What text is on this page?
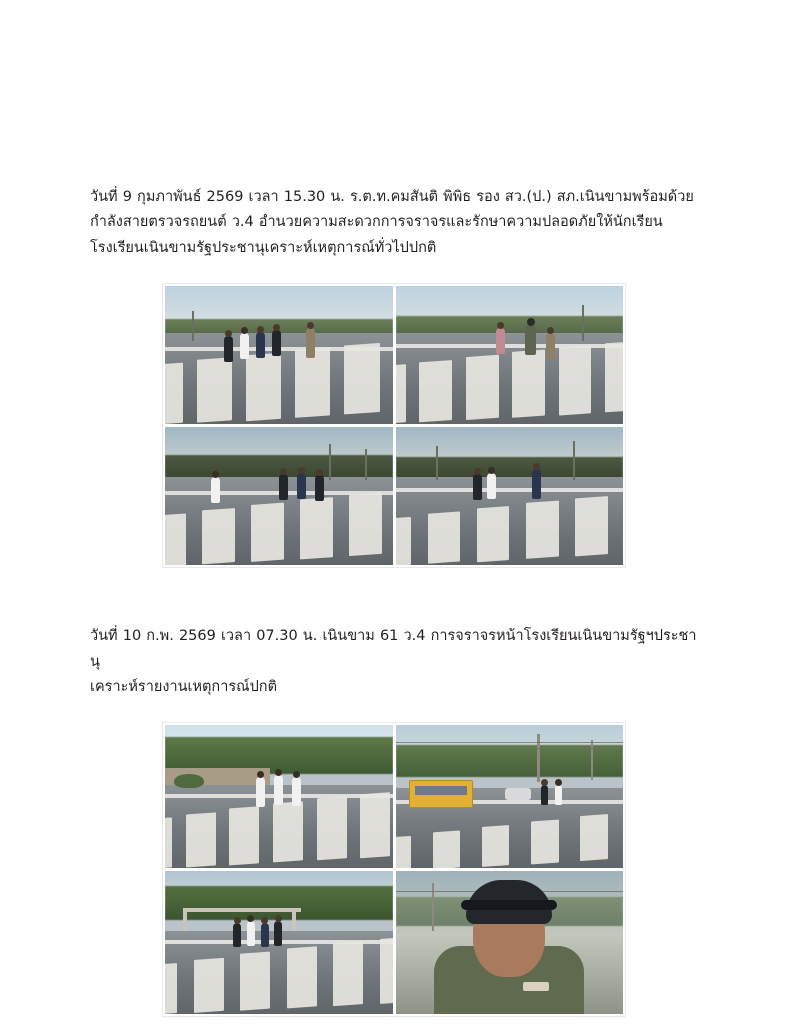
วันที่ 9 กุมภาพันธ์ 2569 เวลา 15.30 น. ร.ต.ท.คมสันติ พิพิธ รอง สว.(ป.) สภ.เนินขามพร้อมด้วย กำลังสายตรวจรถยนต์ ว.4 อำนวยความสะดวกการจราจรและรักษาความปลอดภัยให้นักเรียน โรงเรียนเนินขามรัฐประชานุเคราะห์เหตุการณ์ทั่วไปปกติ

วันที่ 10 ก.พ. 2569 เวลา 07.30 น. เนินขาม 61 ว.4 การจราจรหน้าโรงเรียนเนินขามรัฐฯประชานุ เคราะห์รายงานเหตุการณ์ปกติ
